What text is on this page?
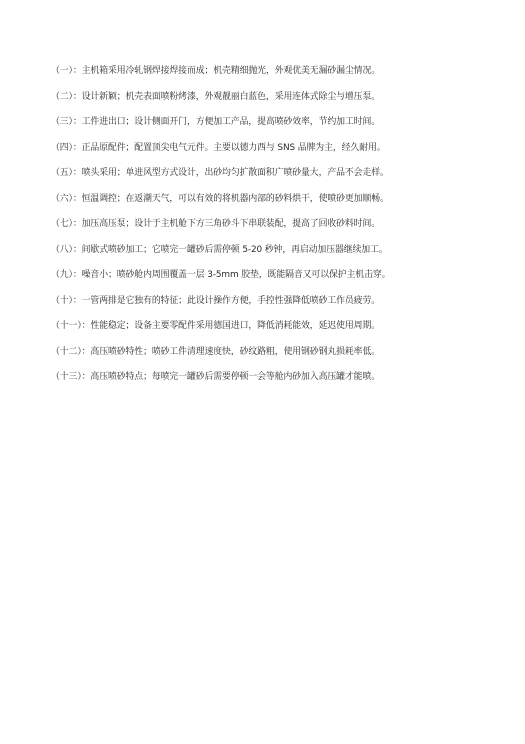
（一）：主机箱采用冷轧钢焊接焊接而成；机壳精细抛光，外观优美无漏砂漏尘情况。
（二）：设计新颖；机壳表面喷粉烤漆，外观靓丽白蓝色，采用连体式除尘与增压泵。
（三）：工件进出口；设计侧面开门，方便加工产品，提高喷砂效率，节约加工时间。
（四）：正品原配件；配置顶尖电气元件。主要以德力西与 SNS 品牌为主，经久耐用。
（五）：喷头采用；单进风型方式设计，出砂均匀扩散面积广喷砂量大，产品不会走样。
（六）：恒温调控；在返潮天气，可以有效的将机器内部的砂料烘干，使喷砂更加顺畅。
（七）：加压高压泵；设计于主机舱下方三角砂斗下串联装配，提高了回收砂料时间。
（八）：间歇式喷砂加工；它喷完一罐砂后需停顿 5-20 秒钟，再启动加压器继续加工。
（九）：噪音小；喷砂舱内周围覆盖一层 3-5mm 胶垫，既能隔音又可以保护主机击穿。
（十）：一管两排是它独有的特征；此设计操作方便，手控性强降低喷砂工作员疲劳。
（十一）：性能稳定；设备主要零配件采用德国进口，降低消耗能效，延迟使用周期。
（十二）：高压喷砂特性；喷砂工件清理速度快，砂纹路粗，使用钢砂钢丸损耗率低。
（十三）：高压喷砂特点；每喷完一罐砂后需要停顿一会等舱内砂加入高压罐才能喷。
